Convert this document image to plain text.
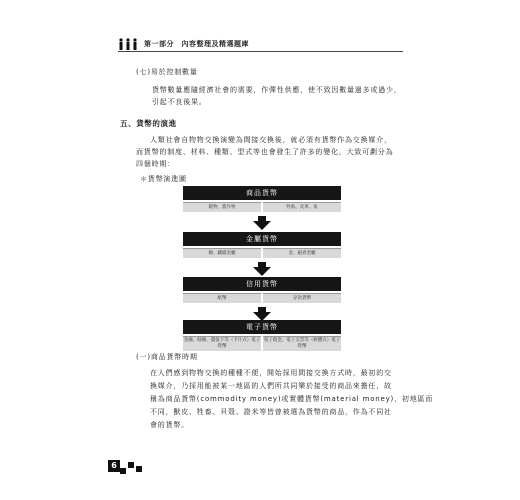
第一部分　內容整理及精選題庫
(七)易於控制數量
貨幣數量應隨經濟社會的需要，作彈性供應，使不致因數量過多或過少，
引起不良後果。
五、貨幣的演進
人類社會自物物交換演變為間接交換後，就必須有貨幣作為交換媒介，
而貨幣的制度、材料、種類、型式等也會發生了許多的變化，大致可劃分為
四個時期：
＊貨幣演進圖
商品貨幣
穀物、農作物	牲畜、皮革、角
金屬貨幣
銅、鐵鑄金屬	金、銀貴金屬
信用貨幣
紙幣	存款貨幣
電子貨幣
金融、餘額、儲值卡等（卡片式）電子貨幣
電子現金、電子支票等（軟體式）電子貨幣
(一)商品貨幣時期
在人們感到物物交換的種種不便，開始採用間接交換方式時，最初的交
換媒介，乃採用能被某一地區的人們所共同樂於接受的商品來擔任，故
稱為商品貨幣(commodity money)或實體貨幣(material money)，初地區而
不同，獸皮、牲畜、貝殼、證米等皆曾被選為貨幣的商品，作為不同社
會的貨幣。
6
